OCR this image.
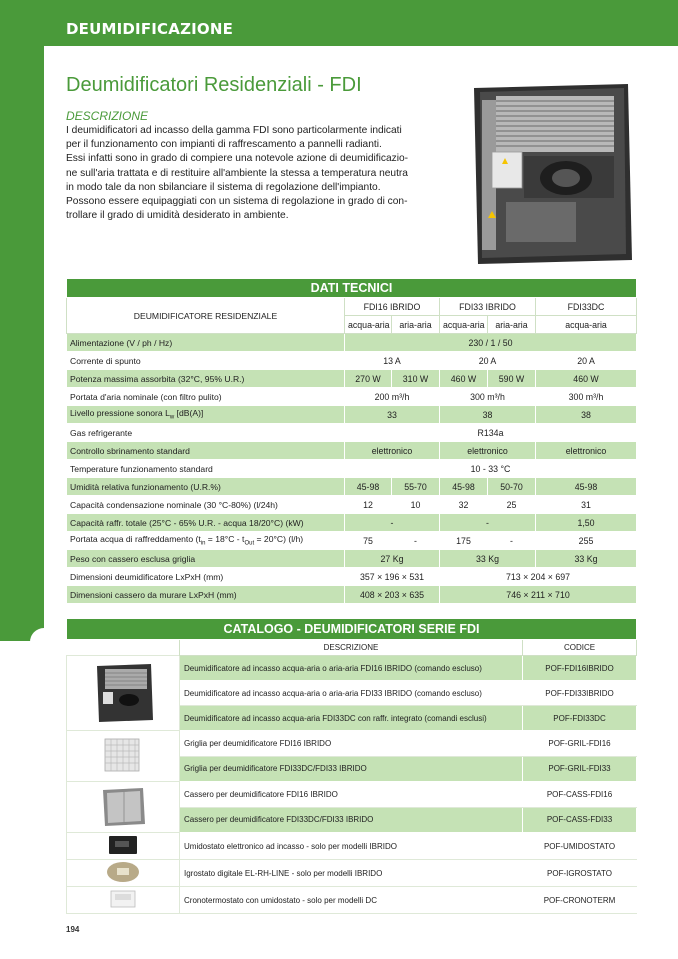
DEUMIDIFICAZIONE
Deumidificatori Residenziali - FDI
DESCRIZIONE
I deumidificatori ad incasso della gamma FDI sono particolarmente indicati
per il funzionamento con impianti di raffrescamento a pannelli radianti.
Essi infatti sono in grado di compiere una notevole azione di deumidificazio-
ne sull'aria trattata e di restituire all'ambiente la stessa a temperatura neutra
in modo tale da non sbilanciare il sistema di regolazione dell'impianto.
Possono essere equipaggiati con un sistema di regolazione in grado di con-
trollare il grado di umidità desiderato in ambiente.
DATI TECNICI					
DEUMIDIFICATORE RESIDENZIALE	FDI16 IBRIDO		FDI33 IBRIDO		FDI33DC
	acqua-aria	aria-aria	acqua-aria	aria-aria	acqua-aria
Alimentazione (V / ph / Hz)	230 / 1 / 50				
Corrente di spunto	13 A		20 A		20 A
Potenza massima assorbita (32°C, 95% U.R.)	270 W	310 W	460 W	590 W	460 W
Portata d'aria nominale (con filtro pulito)	200 m³/h		300 m³/h		300 m³/h
Livello pressione sonora $L_w$ [dB(A)]	33		38		38
Gas refrigerante	R134a				
Controllo sbrinamento standard	elettronico		elettronico		elettronico
Temperature funzionamento standard	10 - 33 °C				
Umidità relativa funzionamento (U.R.%)	45-98	55-70	45-98	50-70	45-98
Capacità condensazione nominale (30 °C-80%) (l/24h)	12	10	32	25	31
Capacità raffr. totale (25°C - 65% U.R. - acqua 18/20°C) (kW)	-		-		1,50
Portata acqua di raffreddamento $(t_{in} = 18^\circ C - t_{Out} = 20^\circ C)$ (l/h)	75	-	175	-	255
Peso con cassero esclusa griglia	27 Kg		33 Kg		33 Kg
Dimensioni deumidificatore LxPxH (mm)	357 × 196 × 531		713 × 204 × 697		
Dimensioni cassero da murare LxPxH (mm)	408 × 203 × 635		746 × 211 × 710		
CATALOGO - DEUMIDIFICATORI SERIE FDI		
	DESCRIZIONE	CODICE
	Deumidificatore ad incasso acqua-aria o aria-aria FDI16 IBRIDO (comando escluso)	POF-FDI16IBRIDO
	Deumidificatore ad incasso acqua-aria o aria-aria FDI33 IBRIDO (comando escluso)	POF-FDI33IBRIDO
	Deumidificatore ad incasso acqua-aria FDI33DC con raffr. integrato (comandi esclusi)	POF-FDI33DC
	Griglia per deumidificatore FDI16 IBRIDO	POF-GRIL-FDI16
	Griglia per deumidificatore FDI33DC/FDI33 IBRIDO	POF-GRIL-FDI33
	Cassero per deumidificatore FDI16 IBRIDO	POF-CASS-FDI16
	Cassero per deumidificatore FDI33DC/FDI33 IBRIDO	POF-CASS-FDI33
	Umidostato elettronico ad incasso - solo per modelli IBRIDO	POF-UMIDOSTATO
	Igrostato digitale EL-RH-LINE - solo per modelli IBRIDO	POF-IGROSTATO
	Cronotermostato con umidostato - solo per modelli DC	POF-CRONOTERM
194
